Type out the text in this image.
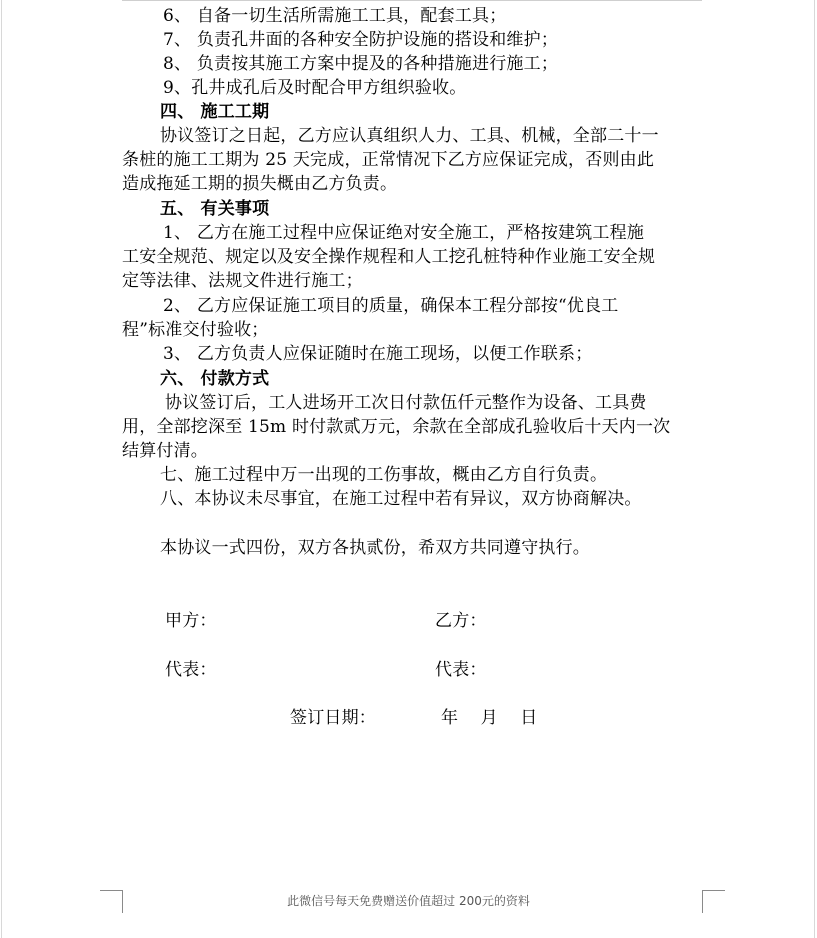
6、 自备一切生活所需施工工具，配套工具；
7、 负责孔井面的各种安全防护设施的搭设和维护；
8、 负责按其施工方案中提及的各种措施进行施工；
9、孔井成孔后及时配合甲方组织验收。
四、 施工工期
协议签订之日起，乙方应认真组织人力、工具、机械，全部二十一
条桩的施工工期为 25 天完成，正常情况下乙方应保证完成，否则由此
造成拖延工期的损失概由乙方负责。
五、 有关事项
1、 乙方在施工过程中应保证绝对安全施工，严格按建筑工程施
工安全规范、规定以及安全操作规程和人工挖孔桩特种作业施工安全规
定等法律、法规文件进行施工；
2、 乙方应保证施工项目的质量，确保本工程分部按“优良工
程”标准交付验收；
3、 乙方负责人应保证随时在施工现场，以便工作联系；
六、 付款方式
协议签订后，工人进场开工次日付款伍仟元整作为设备、工具费
用，全部挖深至 15m 时付款贰万元，余款在全部成孔验收后十天内一次
结算付清。
七、施工过程中万一出现的工伤事故，概由乙方自行负责。
八、本协议未尽事宜，在施工过程中若有异议，双方协商解决。
本协议一式四份，双方各执贰份，希双方共同遵守执行。
甲方：	乙方：
代表：	代表：
签订日期：	年    月    日
此微信号每天免费赠送价值超过 200元的资料
